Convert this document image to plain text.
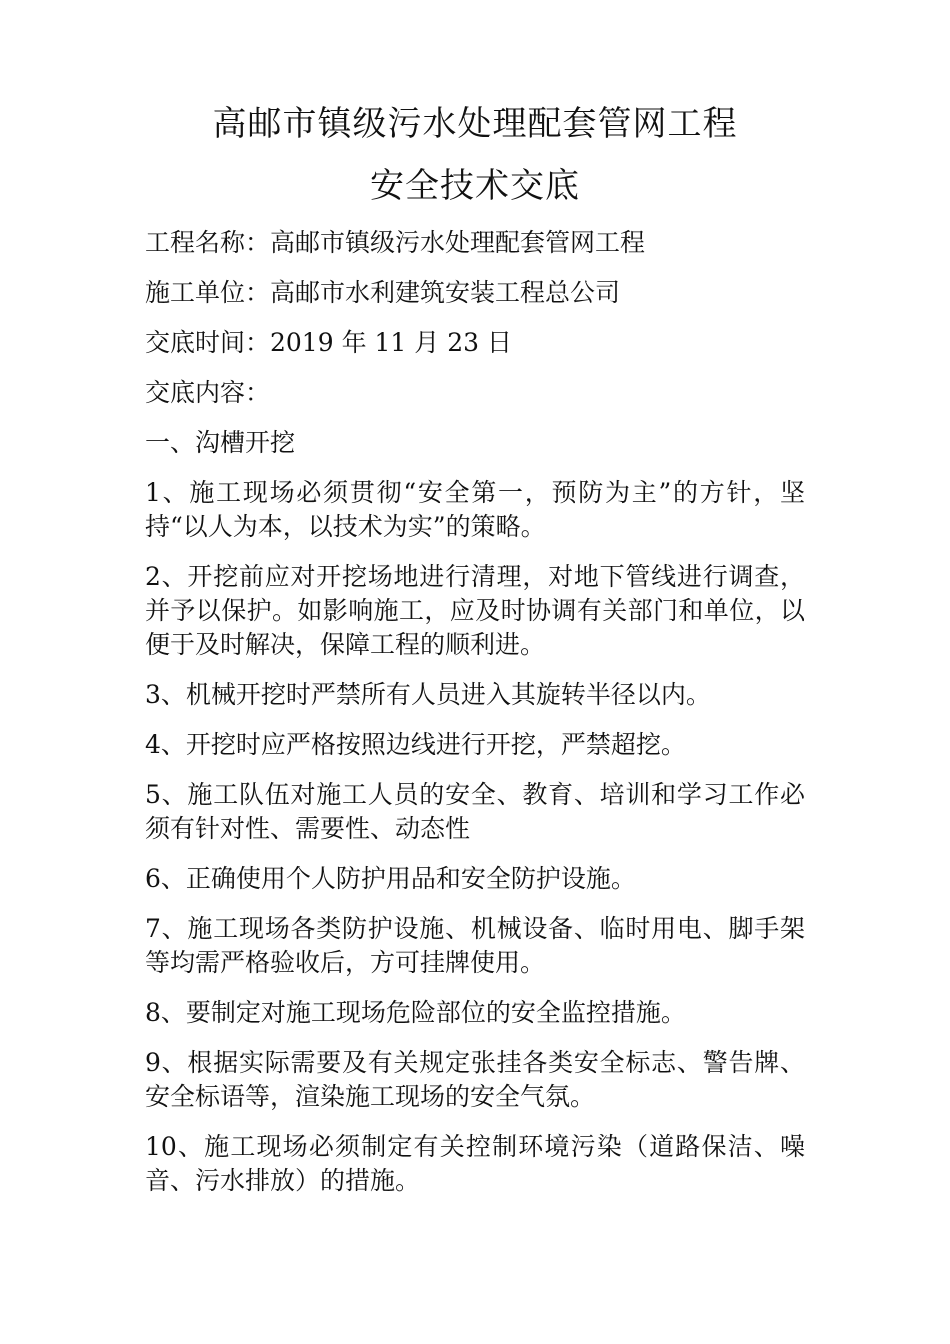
高邮市镇级污水处理配套管网工程
安全技术交底
工程名称：高邮市镇级污水处理配套管网工程
施工单位：高邮市水利建筑安装工程总公司
交底时间：2019 年 11 月 23 日
交底内容：
一、沟槽开挖
1、施工现场必须贯彻“安全第一，预防为主”的方针，坚持“以人为本，以技术为实”的策略。
2、开挖前应对开挖场地进行清理，对地下管线进行调查，并予以保护。如影响施工，应及时协调有关部门和单位，以便于及时解决，保障工程的顺利进。
3、机械开挖时严禁所有人员进入其旋转半径以内。
4、开挖时应严格按照边线进行开挖，严禁超挖。
5、施工队伍对施工人员的安全、教育、培训和学习工作必须有针对性、需要性、动态性
6、正确使用个人防护用品和安全防护设施。
7、施工现场各类防护设施、机械设备、临时用电、脚手架等均需严格验收后，方可挂牌使用。
8、要制定对施工现场危险部位的安全监控措施。
9、根据实际需要及有关规定张挂各类安全标志、警告牌、安全标语等，渲染施工现场的安全气氛。
10、施工现场必须制定有关控制环境污染（道路保洁、噪音、污水排放）的措施。
